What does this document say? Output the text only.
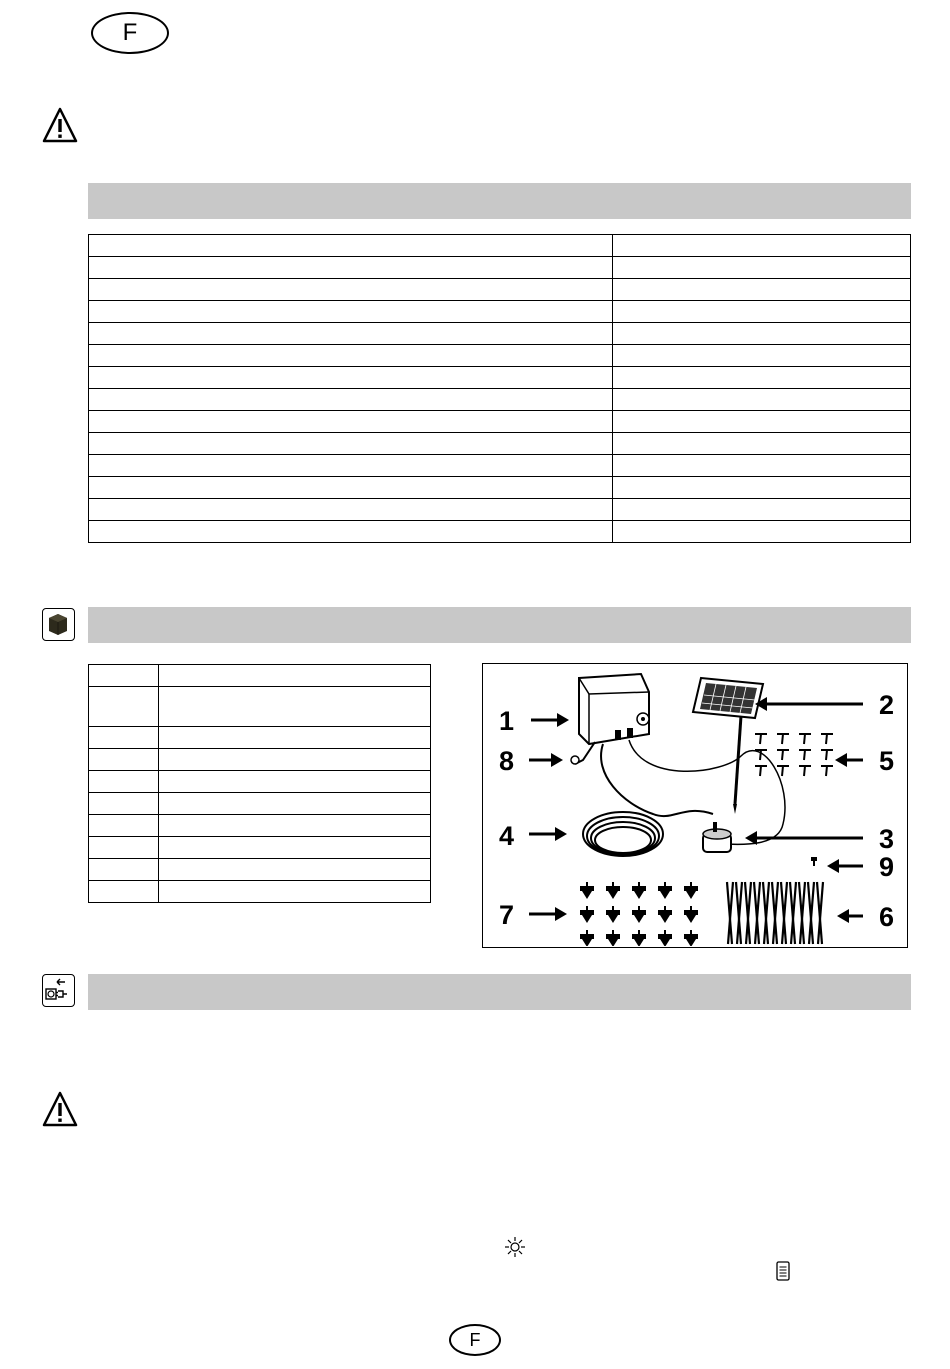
F

1
2
3
4
5
6
7
8
9
F
